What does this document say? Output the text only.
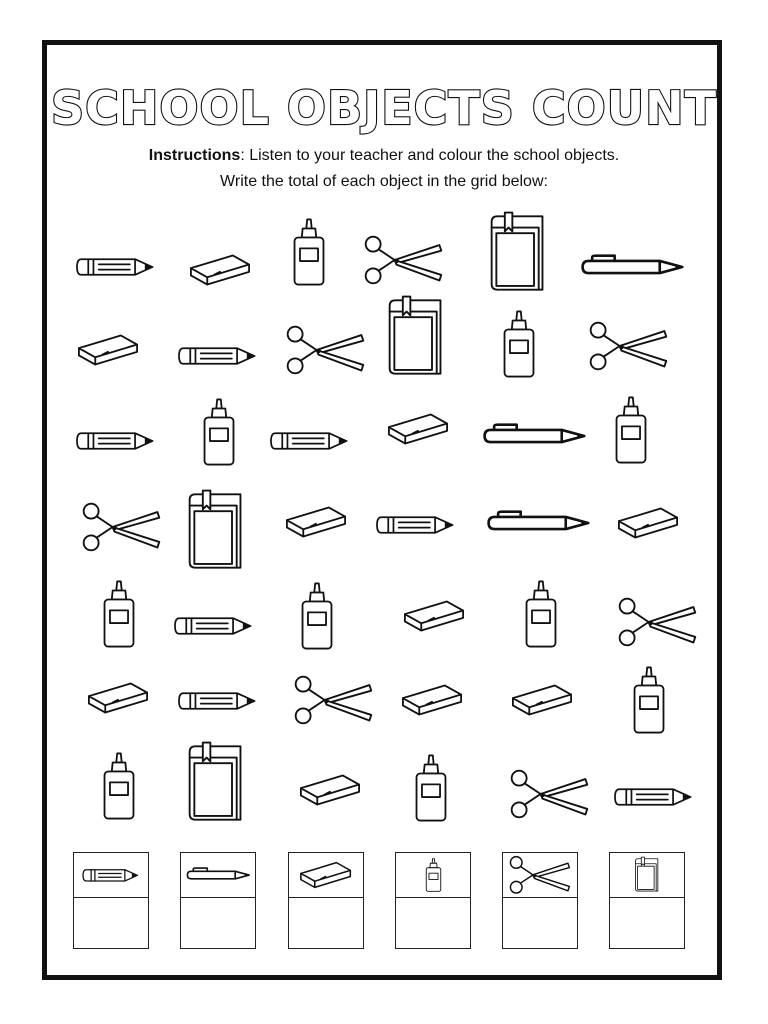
SCHOOL OBJECTS COUNT
Instructions: Listen to your teacher and colour the school objects.
Write the total of each object in the grid below:
